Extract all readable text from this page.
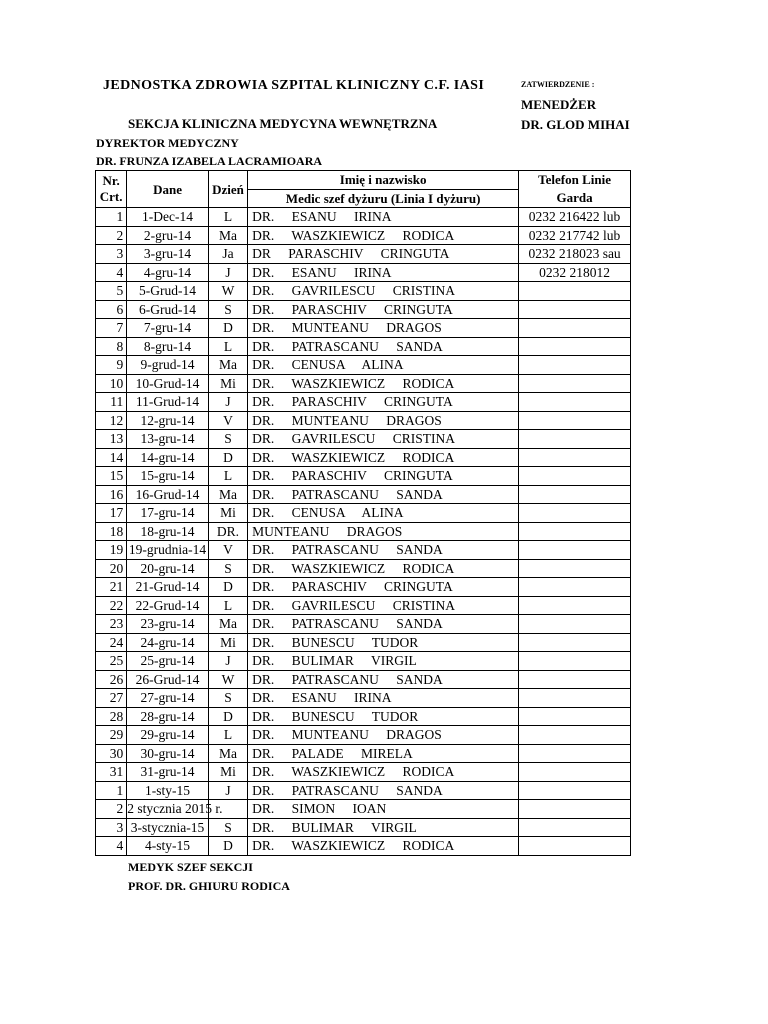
JEDNOSTKA ZDROWIA SZPITAL KLINICZNY C.F. IASI	ZATWIERDZENIE :
MENEDŻER
DR. GLOD MIHAI
SEKCJA KLINICZNA MEDYCYNA WEWNĘTRZNA
DYREKTOR MEDYCZNY
DR. FRUNZA IZABELA LACRAMIOARA
Nr. Crt.	Dane	Dzień	Imię i nazwisko	Telefon Linie Garda
			Medic szef dyżuru (Linia I dyżuru)	
1	1-Dec-14	L	DR. ESANU IRINA	0232 216422 lub
2	2-gru-14	Ma	DR. WASZKIEWICZ RODICA	0232 217742 lub
3	3-gru-14	Ja	DR PARASCHIV CRINGUTA	0232 218023 sau
4	4-gru-14	J	DR. ESANU IRINA	0232 218012
5	5-Grud-14	W	DR. GAVRILESCU CRISTINA	
6	6-Grud-14	S	DR. PARASCHIV CRINGUTA	
7	7-gru-14	D	DR. MUNTEANU DRAGOS	
8	8-gru-14	L	DR. PATRASCANU SANDA	
9	9-grud-14	Ma	DR. CENUSA ALINA	
10	10-Grud-14	Mi	DR. WASZKIEWICZ RODICA	
11	11-Grud-14	J	DR. PARASCHIV CRINGUTA	
12	12-gru-14	V	DR. MUNTEANU DRAGOS	
13	13-gru-14	S	DR. GAVRILESCU CRISTINA	
14	14-gru-14	D	DR. WASZKIEWICZ RODICA	
15	15-gru-14	L	DR. PARASCHIV CRINGUTA	
16	16-Grud-14	Ma	DR. PATRASCANU SANDA	
17	17-gru-14	Mi	DR. CENUSA ALINA	
18	18-gru-14	DR.	MUNTEANU DRAGOS	
19	19-grudnia-14	V	DR. PATRASCANU SANDA	
20	20-gru-14	S	DR. WASZKIEWICZ RODICA	
21	21-Grud-14	D	DR. PARASCHIV CRINGUTA	
22	22-Grud-14	L	DR. GAVRILESCU CRISTINA	
23	23-gru-14	Ma	DR. PATRASCANU SANDA	
24	24-gru-14	Mi	DR. BUNESCU TUDOR	
25	25-gru-14	J	DR. BULIMAR VIRGIL	
26	26-Grud-14	W	DR. PATRASCANU SANDA	
27	27-gru-14	S	DR. ESANU IRINA	
28	28-gru-14	D	DR. BUNESCU TUDOR	
29	29-gru-14	L	DR. MUNTEANU DRAGOS	
30	30-gru-14	Ma	DR. PALADE MIRELA	
31	31-gru-14	Mi	DR. WASZKIEWICZ RODICA	
1	1-sty-15	J	DR. PATRASCANU SANDA	
2	2 stycznia 2015 r.		DR. SIMON IOAN	
3	3-stycznia-15	S	DR. BULIMAR VIRGIL	
4	4-sty-15	D	DR. WASZKIEWICZ RODICA	
MEDYK SZEF SEKCJI
PROF. DR. GHIURU RODICA
